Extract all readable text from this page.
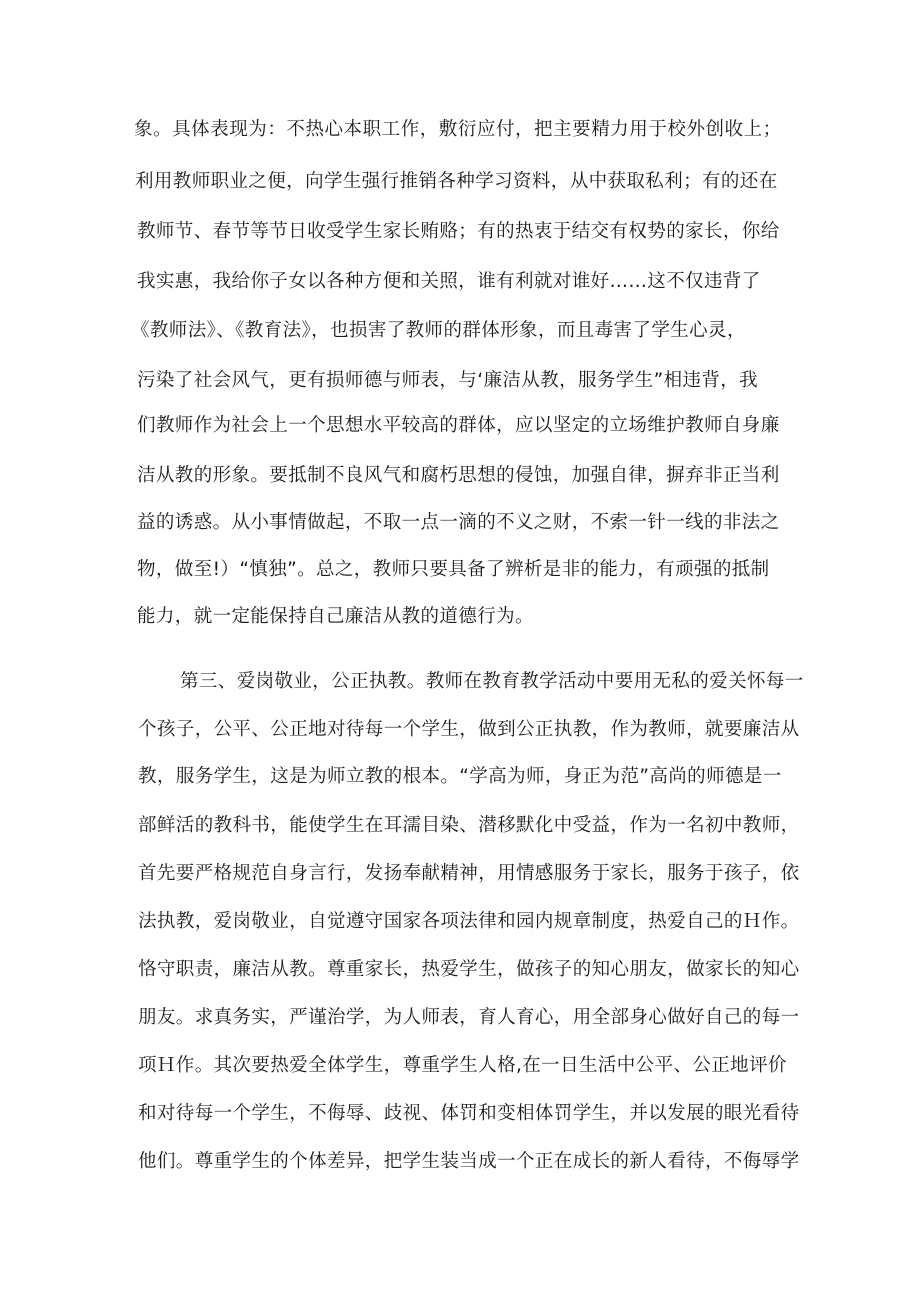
象。具体表现为：不热心本职工作，敷衍应付，把主要精力用于校外创收上；

利用教师职业之便，向学生强行推销各种学习资料，从中获取私利；有的还在

教师节、春节等节日收受学生家长贿赂；有的热衷于结交有权势的家长，你给

我实惠，我给你子女以各种方便和关照，谁有利就对谁好……这不仅违背了

《教师法》、《教育法》，也损害了教师的群体形象，而且毒害了学生心灵，

污染了社会风气，更有损师德与师表，与‘廉洁从教，服务学生”相违背，我

们教师作为社会上一个思想水平较高的群体，应以坚定的立场维护教师自身廉

洁从教的形象。要抵制不良风气和腐朽思想的侵蚀，加强自律，摒弃非正当利

益的诱惑。从小事情做起，不取一点一滴的不义之财，不索一针一线的非法之

物，做至!）“慎独”。总之，教师只要具备了辨析是非的能力，有顽强的抵制

能力，就一定能保持自己廉洁从教的道德行为。

第三、爱岗敬业，公正执教。教师在教育教学活动中要用无私的爱关怀每一

个孩子，公平、公正地对待每一个学生，做到公正执教，作为教师，就要廉洁从

教，服务学生，这是为师立教的根本。“学高为师，身正为范”高尚的师德是一

部鲜活的教科书，能使学生在耳濡目染、潜移默化中受益，作为一名初中教师，

首先要严格规范自身言行，发扬奉献精神，用情感服务于家长，服务于孩子，依

法执教，爱岗敬业，自觉遵守国家各项法律和园内规章制度，热爱自己的Ｈ作。

恪守职责，廉洁从教。尊重家长，热爱学生，做孩子的知心朋友，做家长的知心

朋友。求真务实，严谨治学，为人师表，育人育心，用全部身心做好自己的每一

项Ｈ作。其次要热爱全体学生，尊重学生人格,在一日生活中公平、公正地评价

和对待每一个学生，不侮辱、歧视、体罚和变相体罚学生，并以发展的眼光看待

他们。尊重学生的个体差异，把学生装当成一个正在成长的新人看待，不侮辱学
